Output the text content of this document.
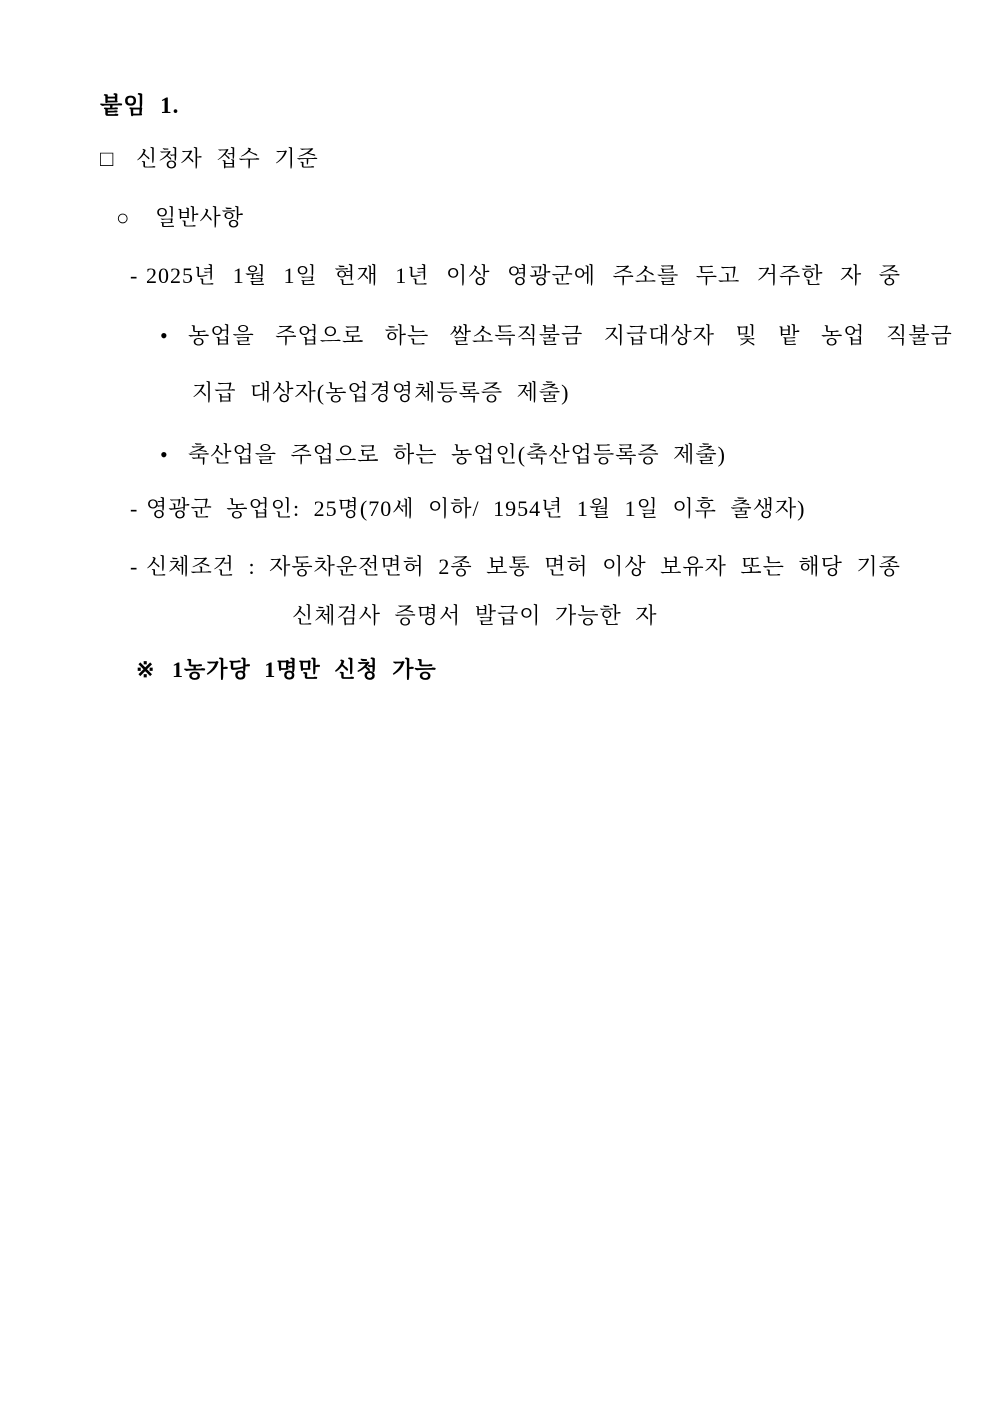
붙임 1.
□ 신청자 접수 기준
○ 일반사항
- 2025년 1월 1일 현재 1년 이상 영광군에 주소를 두고 거주한 자 중
• 농업을 주업으로 하는 쌀소득직불금 지급대상자 및 밭 농업 직불금
지급 대상자(농업경영체등록증 제출)
• 축산업을 주업으로 하는 농업인(축산업등록증 제출)
- 영광군 농업인: 25명(70세 이하/ 1954년 1월 1일 이후 출생자)
- 신체조건 : 자동차운전면허 2종 보통 면허 이상 보유자 또는 해당 기종
신체검사 증명서 발급이 가능한 자
※ 1농가당 1명만 신청 가능
